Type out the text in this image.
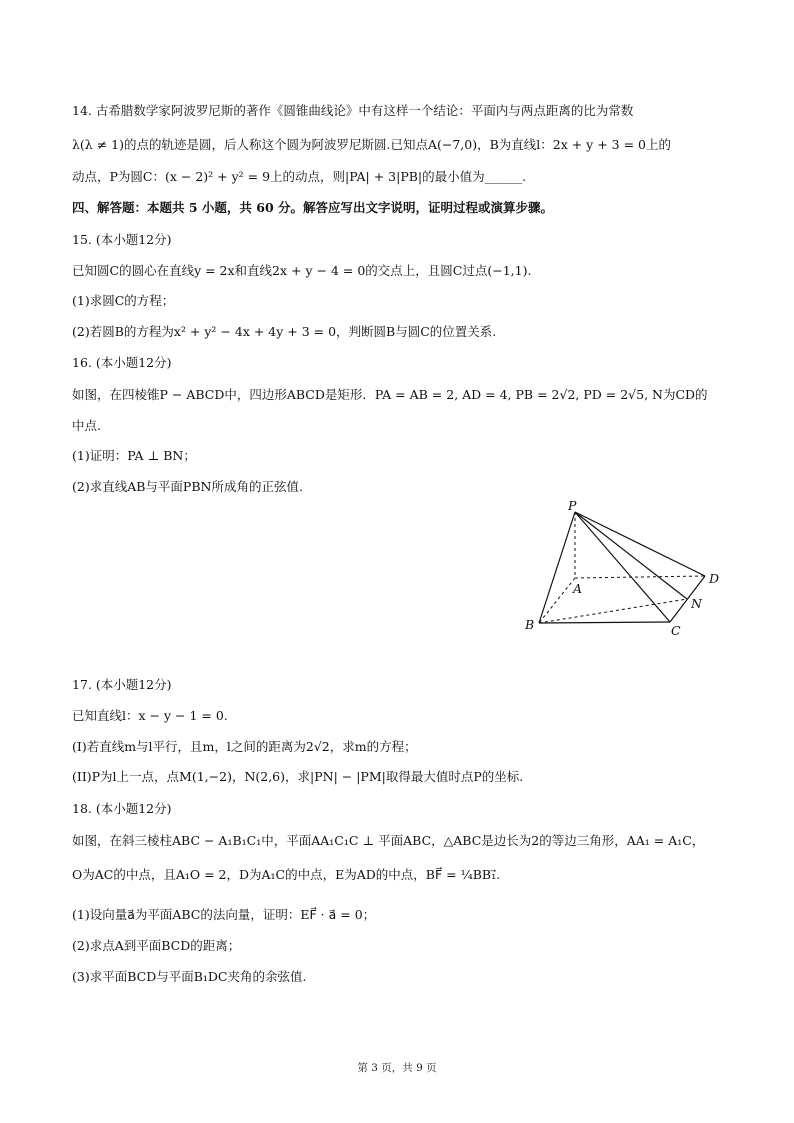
14. 古希腊数学家阿波罗尼斯的著作《圆锥曲线论》中有这样一个结论：平面内与两点距离的比为常数
λ(λ ≠ 1)的点的轨迹是圆，后人称这个圆为阿波罗尼斯圆.已知点A(−7,0)，B为直线l：2x + y + 3 = 0上的
动点，P为圆C：(x − 2)² + y² = 9上的动点，则|PA| + 3|PB|的最小值为______.
四、解答题：本题共 5 小题，共 60 分。解答应写出文字说明，证明过程或演算步骤。
15. (本小题12分)
已知圆C的圆心在直线y = 2x和直线2x + y − 4 = 0的交点上，且圆C过点(−1,1).
(1)求圆C的方程；
(2)若圆B的方程为x² + y² − 4x + 4y + 3 = 0，判断圆B与圆C的位置关系.
16. (本小题12分)
如图，在四棱锥P − ABCD中，四边形ABCD是矩形．PA = AB = 2, AD = 4, PB = 2√2, PD = 2√5, N为CD的
中点.
(1)证明：PA ⊥ BN；
(2)求直线AB与平面PBN所成角的正弦值.
P
A
B	C
D
N
17. (本小题12分)
已知直线l：x − y − 1 = 0.
(I)若直线m与l平行，且m，l之间的距离为2√2，求m的方程；
(II)P为l上一点，点M(1,−2)，N(2,6)，求|PN| − |PM|取得最大值时点P的坐标.
18. (本小题12分)
如图，在斜三棱柱ABC − A₁B₁C₁中，平面AA₁C₁C ⊥ 平面ABC，△ABC是边长为2的等边三角形，AA₁ = A₁C，
O为AC的中点，且A₁O = 2，D为A₁C的中点，E为AD的中点，BF⃗ = ¼BB₁⃗.
(1)设向量a⃗为平面ABC的法向量，证明：EF⃗ · a⃗ = 0；
(2)求点A到平面BCD的距离；
(3)求平面BCD与平面B₁DC夹角的余弦值.
第 3 页，共 9 页
